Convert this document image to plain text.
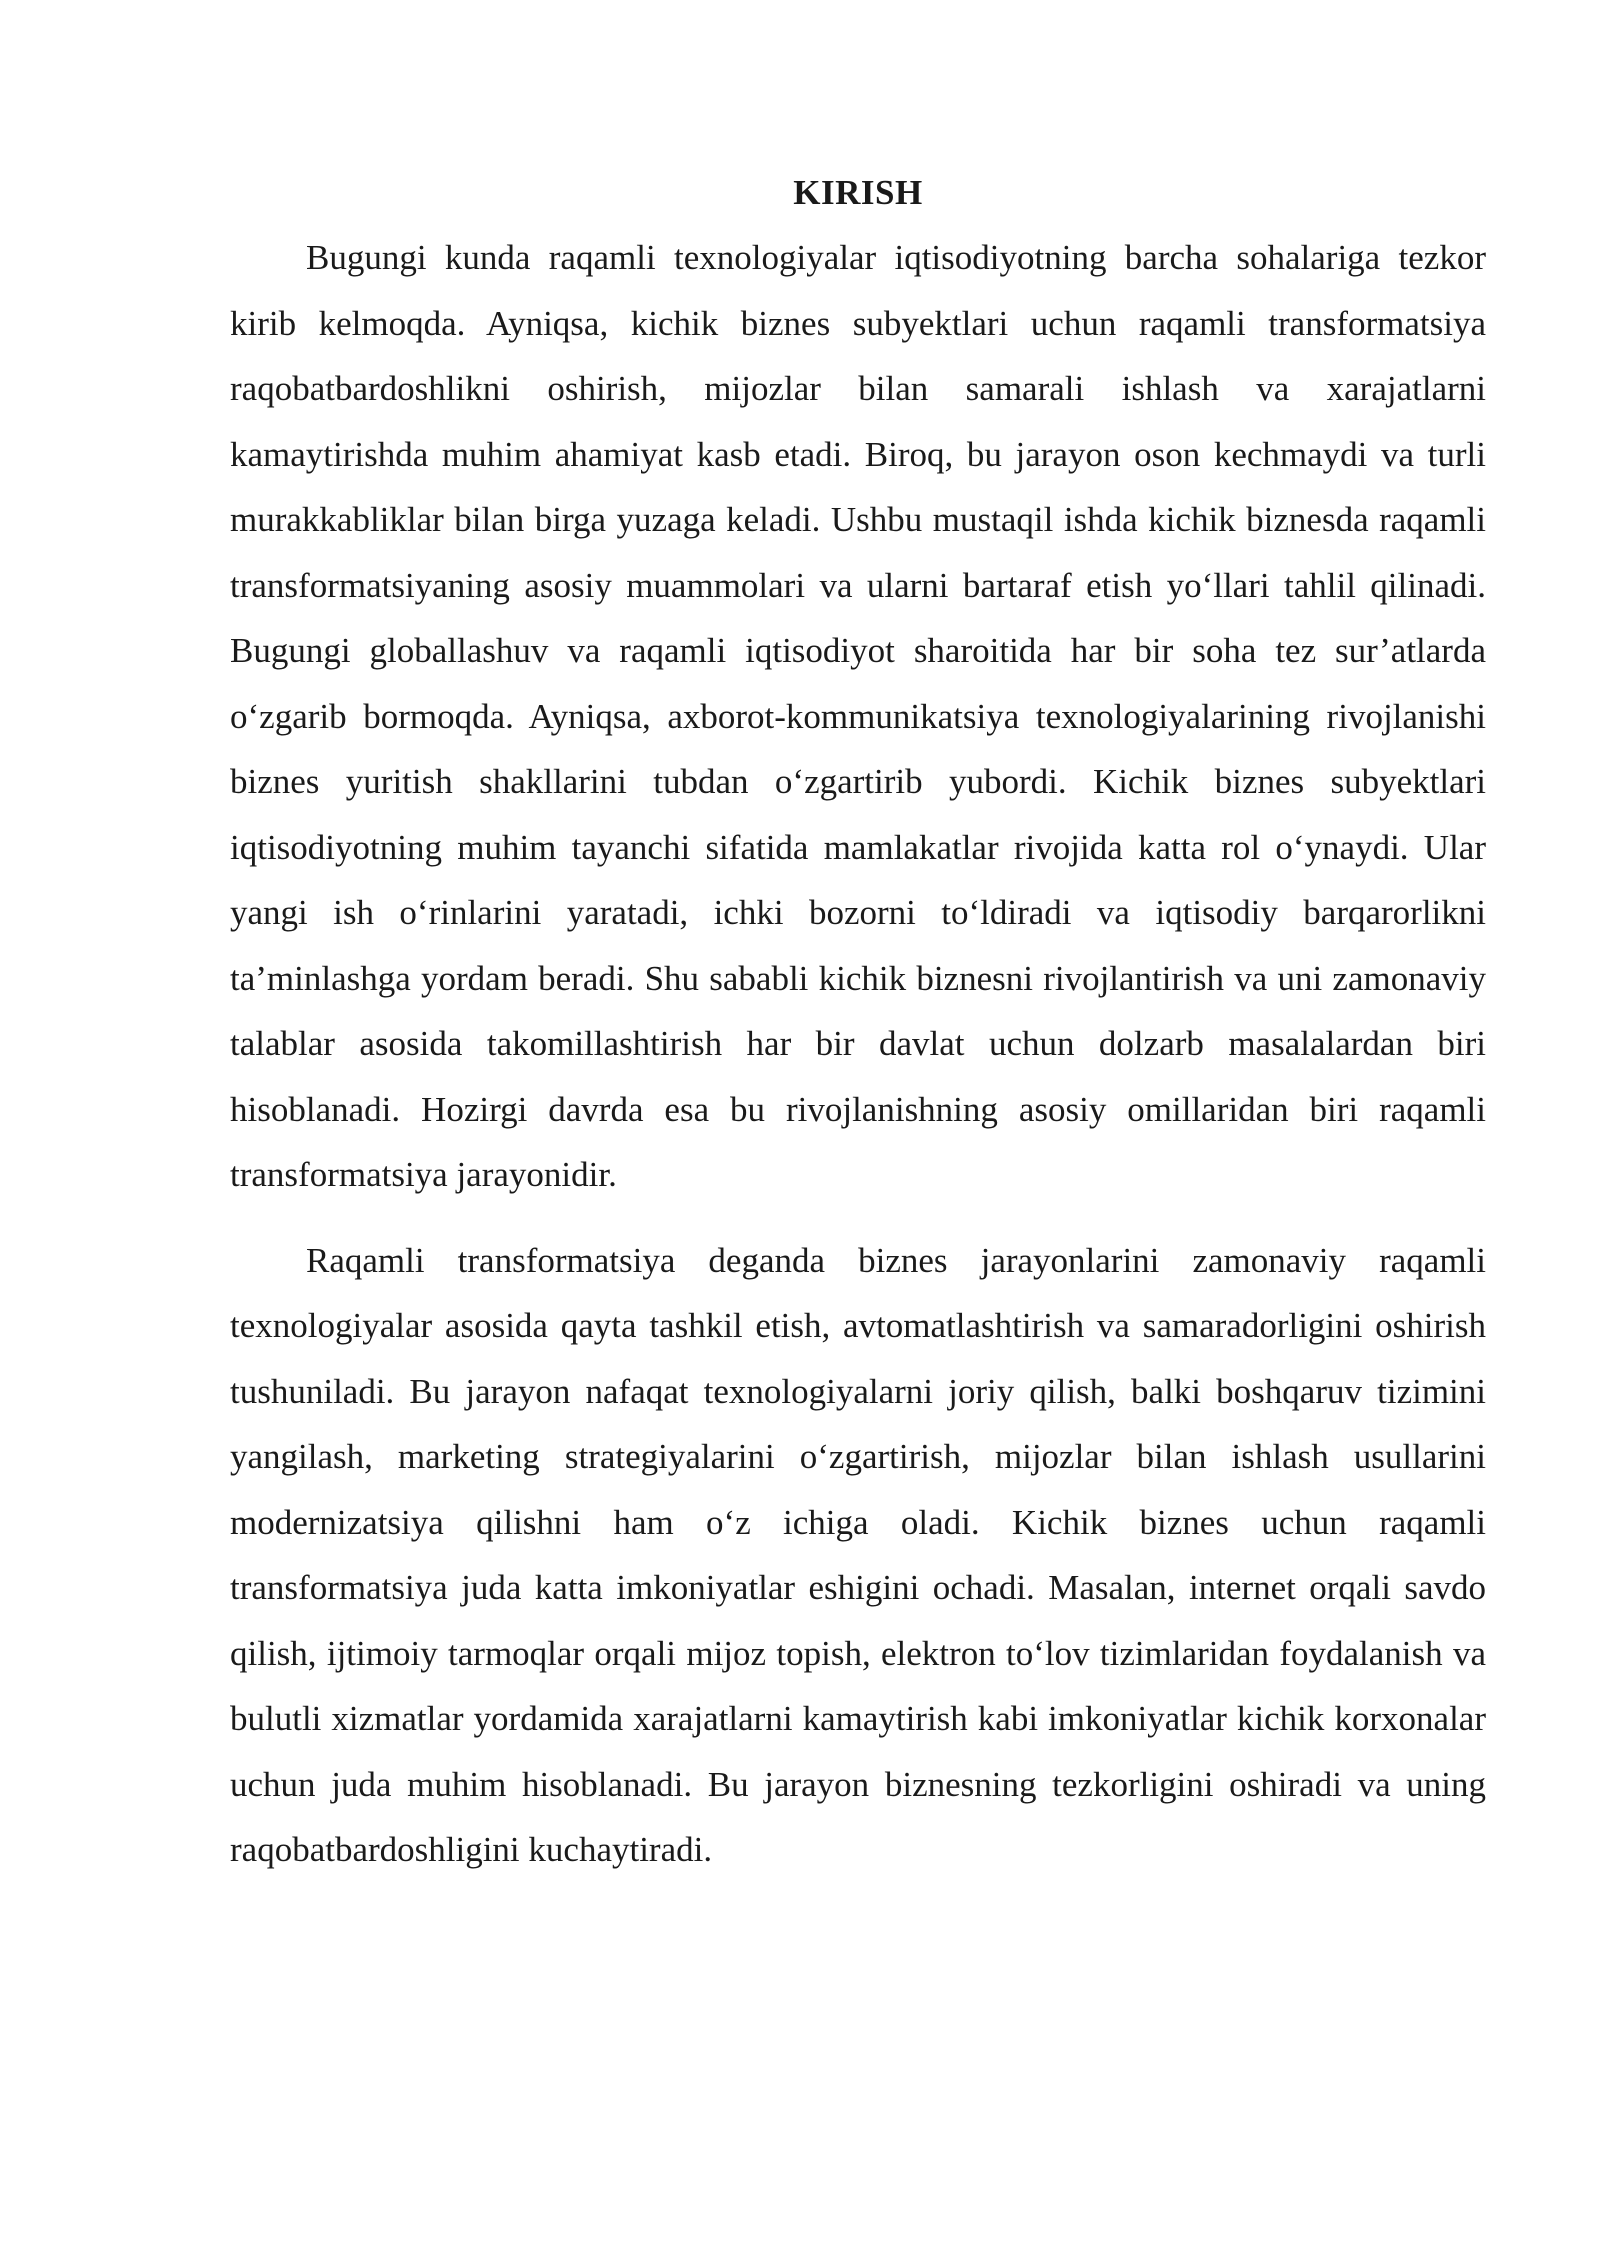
KIRISH

Bugungi kunda raqamli texnologiyalar iqtisodiyotning barcha sohalariga tezkor kirib kelmoqda. Ayniqsa, kichik biznes subyektlari uchun raqamli transformatsiya raqobatbardoshlikni oshirish, mijozlar bilan samarali ishlash va xarajatlarni kamaytirishda muhim ahamiyat kasb etadi. Biroq, bu jarayon oson kechmaydi va turli murakkabliklar bilan birga yuzaga keladi. Ushbu mustaqil ishda kichik biznesda raqamli transformatsiyaning asosiy muammolari va ularni bartaraf etish yo‘llari tahlil qilinadi. Bugungi globallashuv va raqamli iqtisodiyot sharoitida har bir soha tez sur’atlarda o‘zgarib bormoqda. Ayniqsa, axborot-kommunikatsiya texnologiyalarining rivojlanishi biznes yuritish shakllarini tubdan o‘zgartirib yubordi. Kichik biznes subyektlari iqtisodiyotning muhim tayanchi sifatida mamlakatlar rivojida katta rol o‘ynaydi. Ular yangi ish o‘rinlarini yaratadi, ichki bozorni to‘ldiradi va iqtisodiy barqarorlikni ta’minlashga yordam beradi. Shu sababli kichik biznesni rivojlantirish va uni zamonaviy talablar asosida takomillashtirish har bir davlat uchun dolzarb masalalardan biri hisoblanadi. Hozirgi davrda esa bu rivojlanishning asosiy omillaridan biri raqamli transformatsiya jarayonidir.

Raqamli transformatsiya deganda biznes jarayonlarini zamonaviy raqamli texnologiyalar asosida qayta tashkil etish, avtomatlashtirish va samaradorligini oshirish tushuniladi. Bu jarayon nafaqat texnologiyalarni joriy qilish, balki boshqaruv tizimini yangilash, marketing strategiyalarini o‘zgartirish, mijozlar bilan ishlash usullarini modernizatsiya qilishni ham o‘z ichiga oladi. Kichik biznes uchun raqamli transformatsiya juda katta imkoniyatlar eshigini ochadi. Masalan, internet orqali savdo qilish, ijtimoiy tarmoqlar orqali mijoz topish, elektron to‘lov tizimlaridan foydalanish va bulutli xizmatlar yordamida xarajatlarni kamaytirish kabi imkoniyatlar kichik korxonalar uchun juda muhim hisoblanadi. Bu jarayon biznesning tezkorligini oshiradi va uning raqobatbardoshligini kuchaytiradi.
